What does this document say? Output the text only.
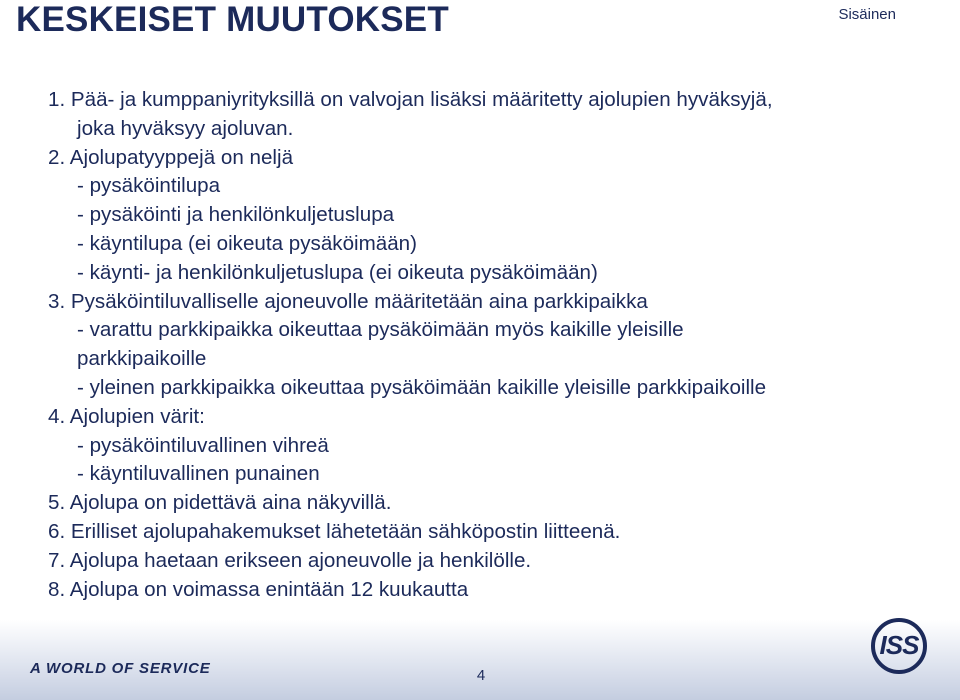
KESKEISET MUUTOKSET	Sisäinen
1. Pää- ja kumppaniyrityksillä on valvojan lisäksi määritetty ajolupien hyväksyjä,
joka hyväksyy ajoluvan.
2. Ajolupatyyppejä on neljä
- pysäköintilupa
- pysäköinti ja henkilönkuljetuslupa
- käyntilupa (ei oikeuta pysäköimään)
- käynti- ja henkilönkuljetuslupa (ei oikeuta pysäköimään)
3. Pysäköintiluvalliselle ajoneuvolle määritetään aina parkkipaikka
- varattu parkkipaikka oikeuttaa pysäköimään myös kaikille yleisille
parkkipaikoille
- yleinen parkkipaikka oikeuttaa pysäköimään kaikille yleisille parkkipaikoille
4. Ajolupien värit:
- pysäköintiluvallinen vihreä
- käyntiluvallinen punainen
5. Ajolupa on pidettävä aina näkyvillä.
6. Erilliset ajolupahakemukset lähetetään sähköpostin liitteenä.
7. Ajolupa haetaan erikseen ajoneuvolle ja henkilölle.
8. Ajolupa on voimassa enintään 12 kuukautta
A WORLD OF SERVICE	4
ISS
